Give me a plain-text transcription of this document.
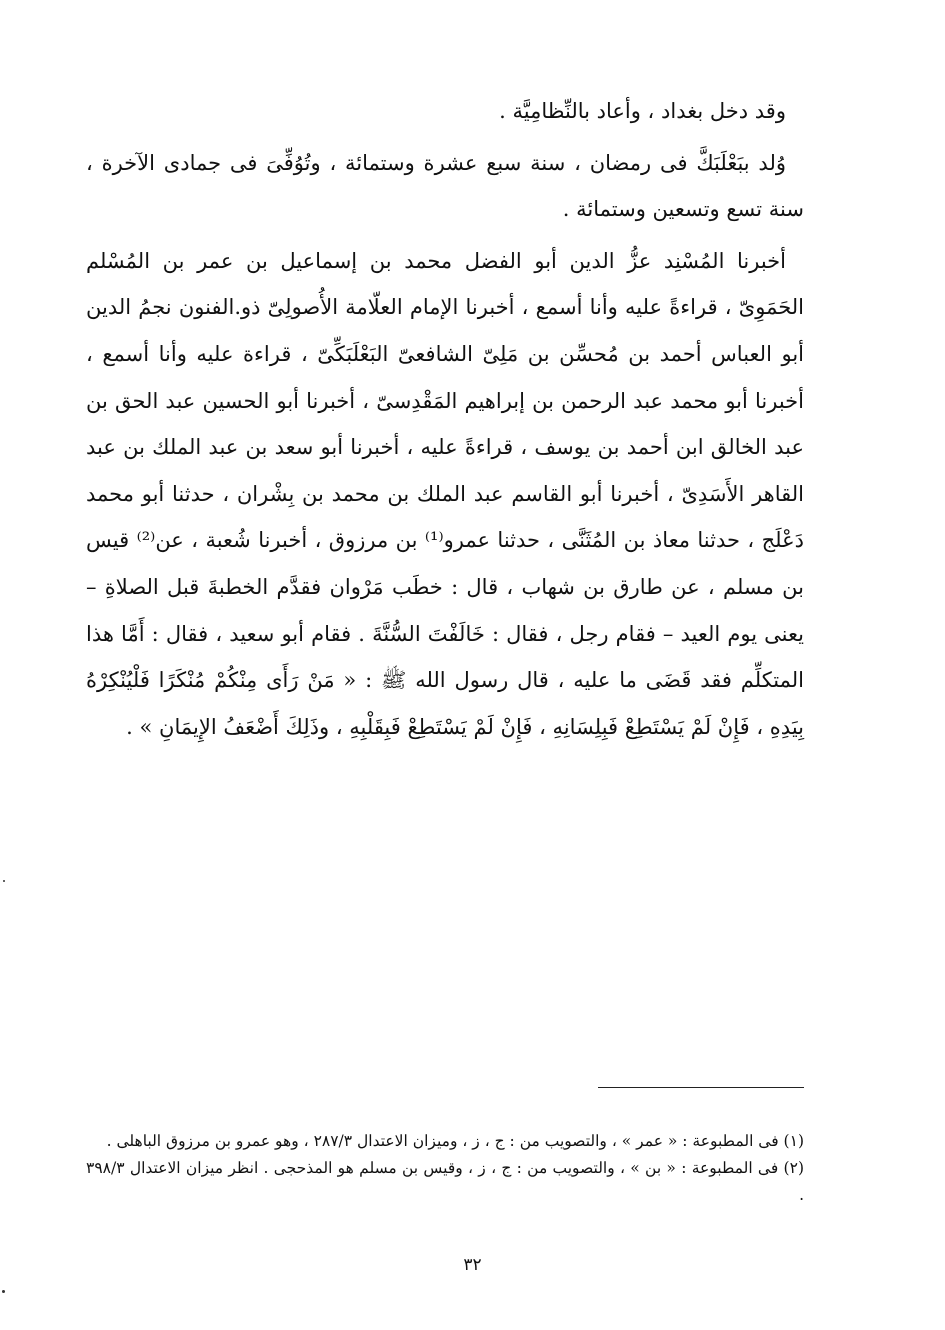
وقد دخل بغداد ، وأعاد بالنِّظامِيَّة .

وُلد ببَعْلَبَكَّ فى رمضان ، سنة سبع عشرة وستمائة ، وتُوُفِّىَ فى جمادى الآخرة ، سنة تسع وتسعين وستمائة .

أخبرنا المُسْنِد عزُّ الدين أبو الفضل محمد بن إسماعيل بن عمر بن المُسْلم الحَمَوِىّ ، قراءةً عليه وأنا أسمع ، أخبرنا الإمام العلّامة الأُصولِىّ ذو.الفنون نجمُ الدين أبو العباس أحمد بن مُحسِّن بن مَلِىّ الشافعىّ البَعْلَبَكِّىّ ، قراءة عليه وأنا أسمع ، أخبرنا أبو محمد عبد الرحمن بن إبراهيم المَقْدِسىّ ، أخبرنا أبو الحسين عبد الحق بن عبد الخالق ابن أحمد بن يوسف ، قراءةً عليه ، أخبرنا أبو سعد بن عبد الملك بن عبد القاهر الأَسَدِىّ ، أخبرنا أبو القاسم عبد الملك بن محمد بن بِشْران ، حدثنا أبو محمد دَعْلَج ، حدثنا معاذ بن المُثَنَّى ، حدثنا عمرو⁽¹⁾ بن مرزوق ، أخبرنا شُعبة ، عن⁽²⁾ قيس بن مسلم ، عن طارق بن شهاب ، قال : خطَب مَرْوان فقدَّم الخطبةَ قبل الصلاةِ – يعنى يوم العيد – فقام رجل ، فقال : خَالَفْتَ السُّنَّةَ . فقام أبو سعيد ، فقال : أَمَّا هذا المتكلِّم فقد قَضَى ما عليه ، قال رسول الله ﷺ : « مَنْ رَأَى مِنْكُمْ مُنْكَرًا فَلْيُنْكِرْهُ بِيَدِهِ ، فَإِنْ لَمْ يَسْتَطِعْ فَبِلِسَانِهِ ، فَإِنْ لَمْ يَسْتَطِعْ فَبِقَلْبِهِ ، وذَلِكَ أَضْعَفُ الإِيمَانِ » .

(١) فى المطبوعة : « عمر » ، والتصويب من : ج ، ز ، وميزان الاعتدال ٢٨٧/٣ ، وهو عمرو بن مرزوق الباهلى .

(٢) فى المطبوعة : « بن » ، والتصويب من : ج ، ز ، وقيس بن مسلم هو المذحجى . انظر ميزان الاعتدال ٣٩٨/٣ .

٣٢
